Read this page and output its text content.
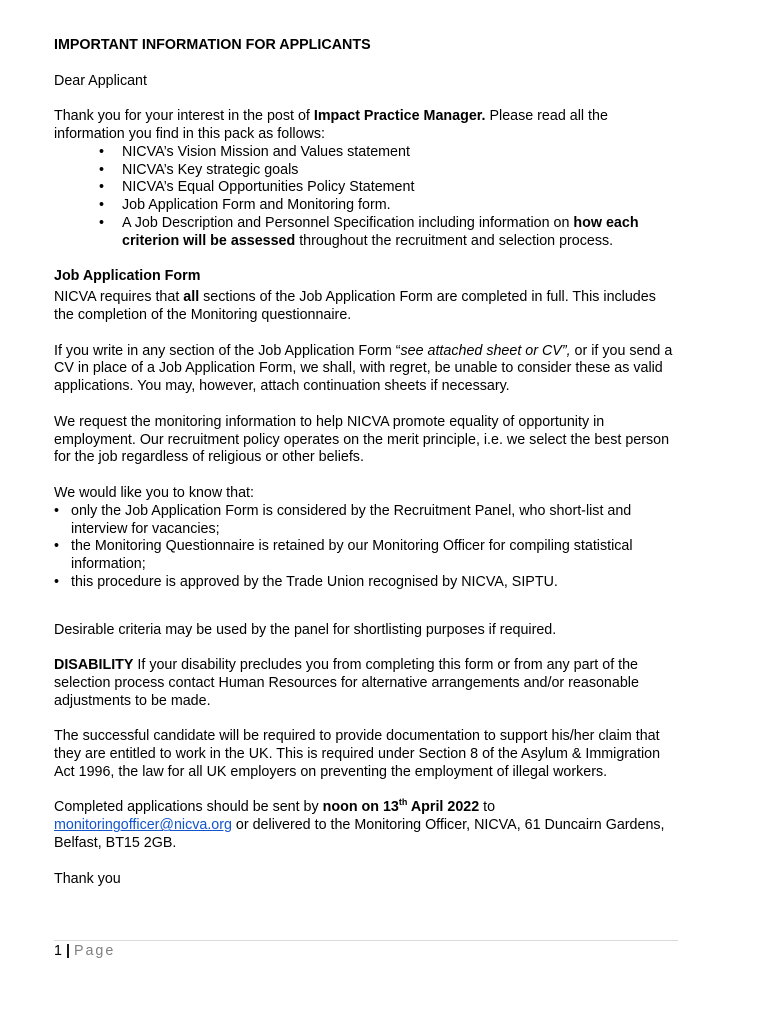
IMPORTANT INFORMATION FOR APPLICANTS

Dear Applicant

Thank you for your interest in the post of Impact Practice Manager. Please read all the information you find in this pack as follows:

• NICVA’s Vision Mission and Values statement
• NICVA’s Key strategic goals
• NICVA’s Equal Opportunities Policy Statement
• Job Application Form and Monitoring form.
• A Job Description and Personnel Specification including information on how each criterion will be assessed throughout the recruitment and selection process.

Job Application Form

NICVA requires that all sections of the Job Application Form are completed in full. This includes the completion of the Monitoring questionnaire.

If you write in any section of the Job Application Form “see attached sheet or CV”, or if you send a CV in place of a Job Application Form, we shall, with regret, be unable to consider these as valid applications. You may, however, attach continuation sheets if necessary.

We request the monitoring information to help NICVA promote equality of opportunity in employment. Our recruitment policy operates on the merit principle, i.e. we select the best person for the job regardless of religious or other beliefs.

We would like you to know that:

• only the Job Application Form is considered by the Recruitment Panel, who short-list and interview for vacancies;
• the Monitoring Questionnaire is retained by our Monitoring Officer for compiling statistical information;
• this procedure is approved by the Trade Union recognised by NICVA, SIPTU.

Desirable criteria may be used by the panel for shortlisting purposes if required.

DISABILITY If your disability precludes you from completing this form or from any part of the selection process contact Human Resources for alternative arrangements and/or reasonable adjustments to be made.

The successful candidate will be required to provide documentation to support his/her claim that they are entitled to work in the UK. This is required under Section 8 of the Asylum & Immigration Act 1996, the law for all UK employers on preventing the employment of illegal workers.

Completed applications should be sent by noon on 13th April 2022 to
monitoringofficer@nicva.org or delivered to the Monitoring Officer, NICVA, 61 Duncairn Gardens, Belfast, BT15 2GB.

Thank you

1 | Page
